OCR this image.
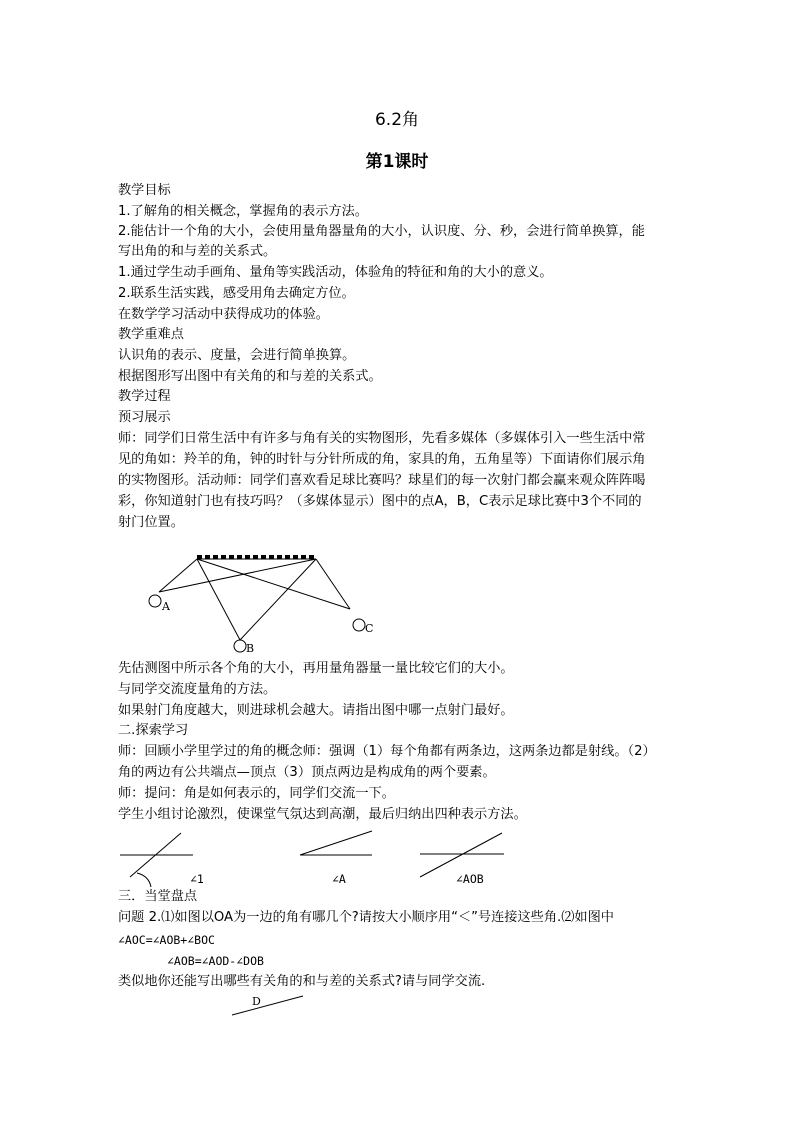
6.2角
第1课时
教学目标
1.了解角的相关概念，掌握角的表示方法。
2.能估计一个角的大小，会使用量角器量角的大小，认识度、分、秒，会进行简单换算，能
写出角的和与差的关系式。
1.通过学生动手画角、量角等实践活动，体验角的特征和角的大小的意义。
2.联系生活实践，感受用角去确定方位。
在数学学习活动中获得成功的体验。
教学重难点
认识角的表示、度量，会进行简单换算。
根据图形写出图中有关角的和与差的关系式。
教学过程
预习展示
师：同学们日常生活中有许多与角有关的实物图形，先看多媒体（多媒体引入一些生活中常
见的角如：羚羊的角，钟的时针与分针所成的角，家具的角，五角星等）下面请你们展示角
的实物图形。活动师：同学们喜欢看足球比赛吗？球星们的每一次射门都会赢来观众阵阵喝
彩，你知道射门也有技巧吗？（多媒体显示）图中的点A，B，C表示足球比赛中3个不同的
射门位置。
A
B
C
先估测图中所示各个角的大小，再用量角器量一量比较它们的大小。
与同学交流度量角的方法。
如果射门角度越大，则进球机会越大。请指出图中哪一点射门最好。
二.探索学习
师：回顾小学里学过的角的概念师：强调（1）每个角都有两条边，这两条边都是射线。（2）
角的两边有公共端点—顶点（3）顶点两边是构成角的两个要素。
师：提问：角是如何表示的，同学们交流一下。
学生小组讨论激烈，使课堂气氛达到高潮，最后归纳出四种表示方法。
∠1	∠A	∠AOB
三．当堂盘点
问题 2.⑴如图以OA为一边的角有哪几个?请按大小顺序用“＜”号连接这些角.⑵如图中
∠AOC=∠AOB+∠BOC
∠AOB=∠AOD-∠DOB
类似地你还能写出哪些有关角的和与差的关系式?请与同学交流.
D
